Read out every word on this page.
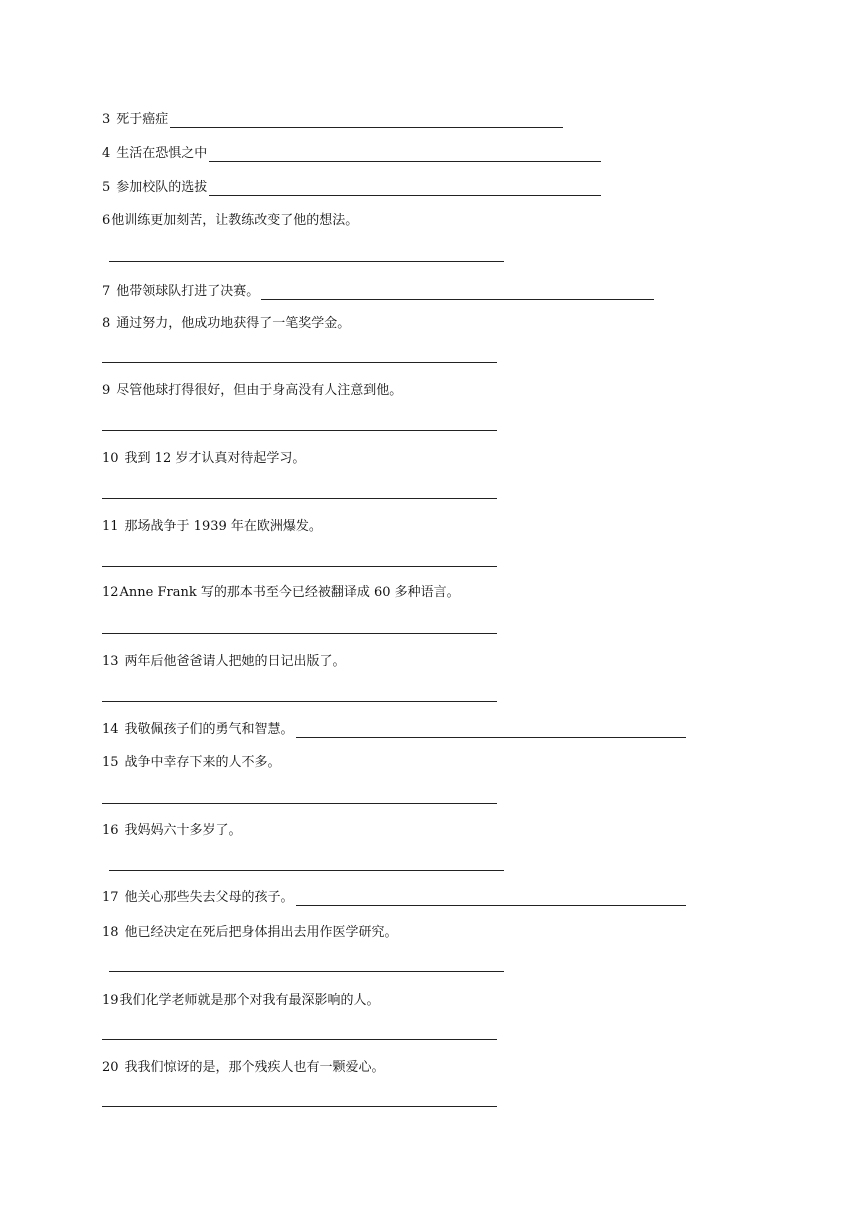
3 死于癌症
4 生活在恐惧之中
5 参加校队的选拔
6 他训练更加刻苦，让教练改变了他的想法。
7 他带领球队打进了决赛。
8 通过努力，他成功地获得了一笔奖学金。
9 尽管他球打得很好，但由于身高没有人注意到他。
10 我到 12 岁才认真对待起学习。
11 那场战争于 1939 年在欧洲爆发。
12 Anne Frank 写的那本书至今已经被翻译成 60 多种语言。
13 两年后他爸爸请人把她的日记出版了。
14 我敬佩孩子们的勇气和智慧。
15 战争中幸存下来的人不多。
16 我妈妈六十多岁了。
17 他关心那些失去父母的孩子。
18 他已经决定在死后把身体捐出去用作医学研究。
19 我们化学老师就是那个对我有最深影响的人。
20 我我们惊讶的是，那个残疾人也有一颗爱心。
